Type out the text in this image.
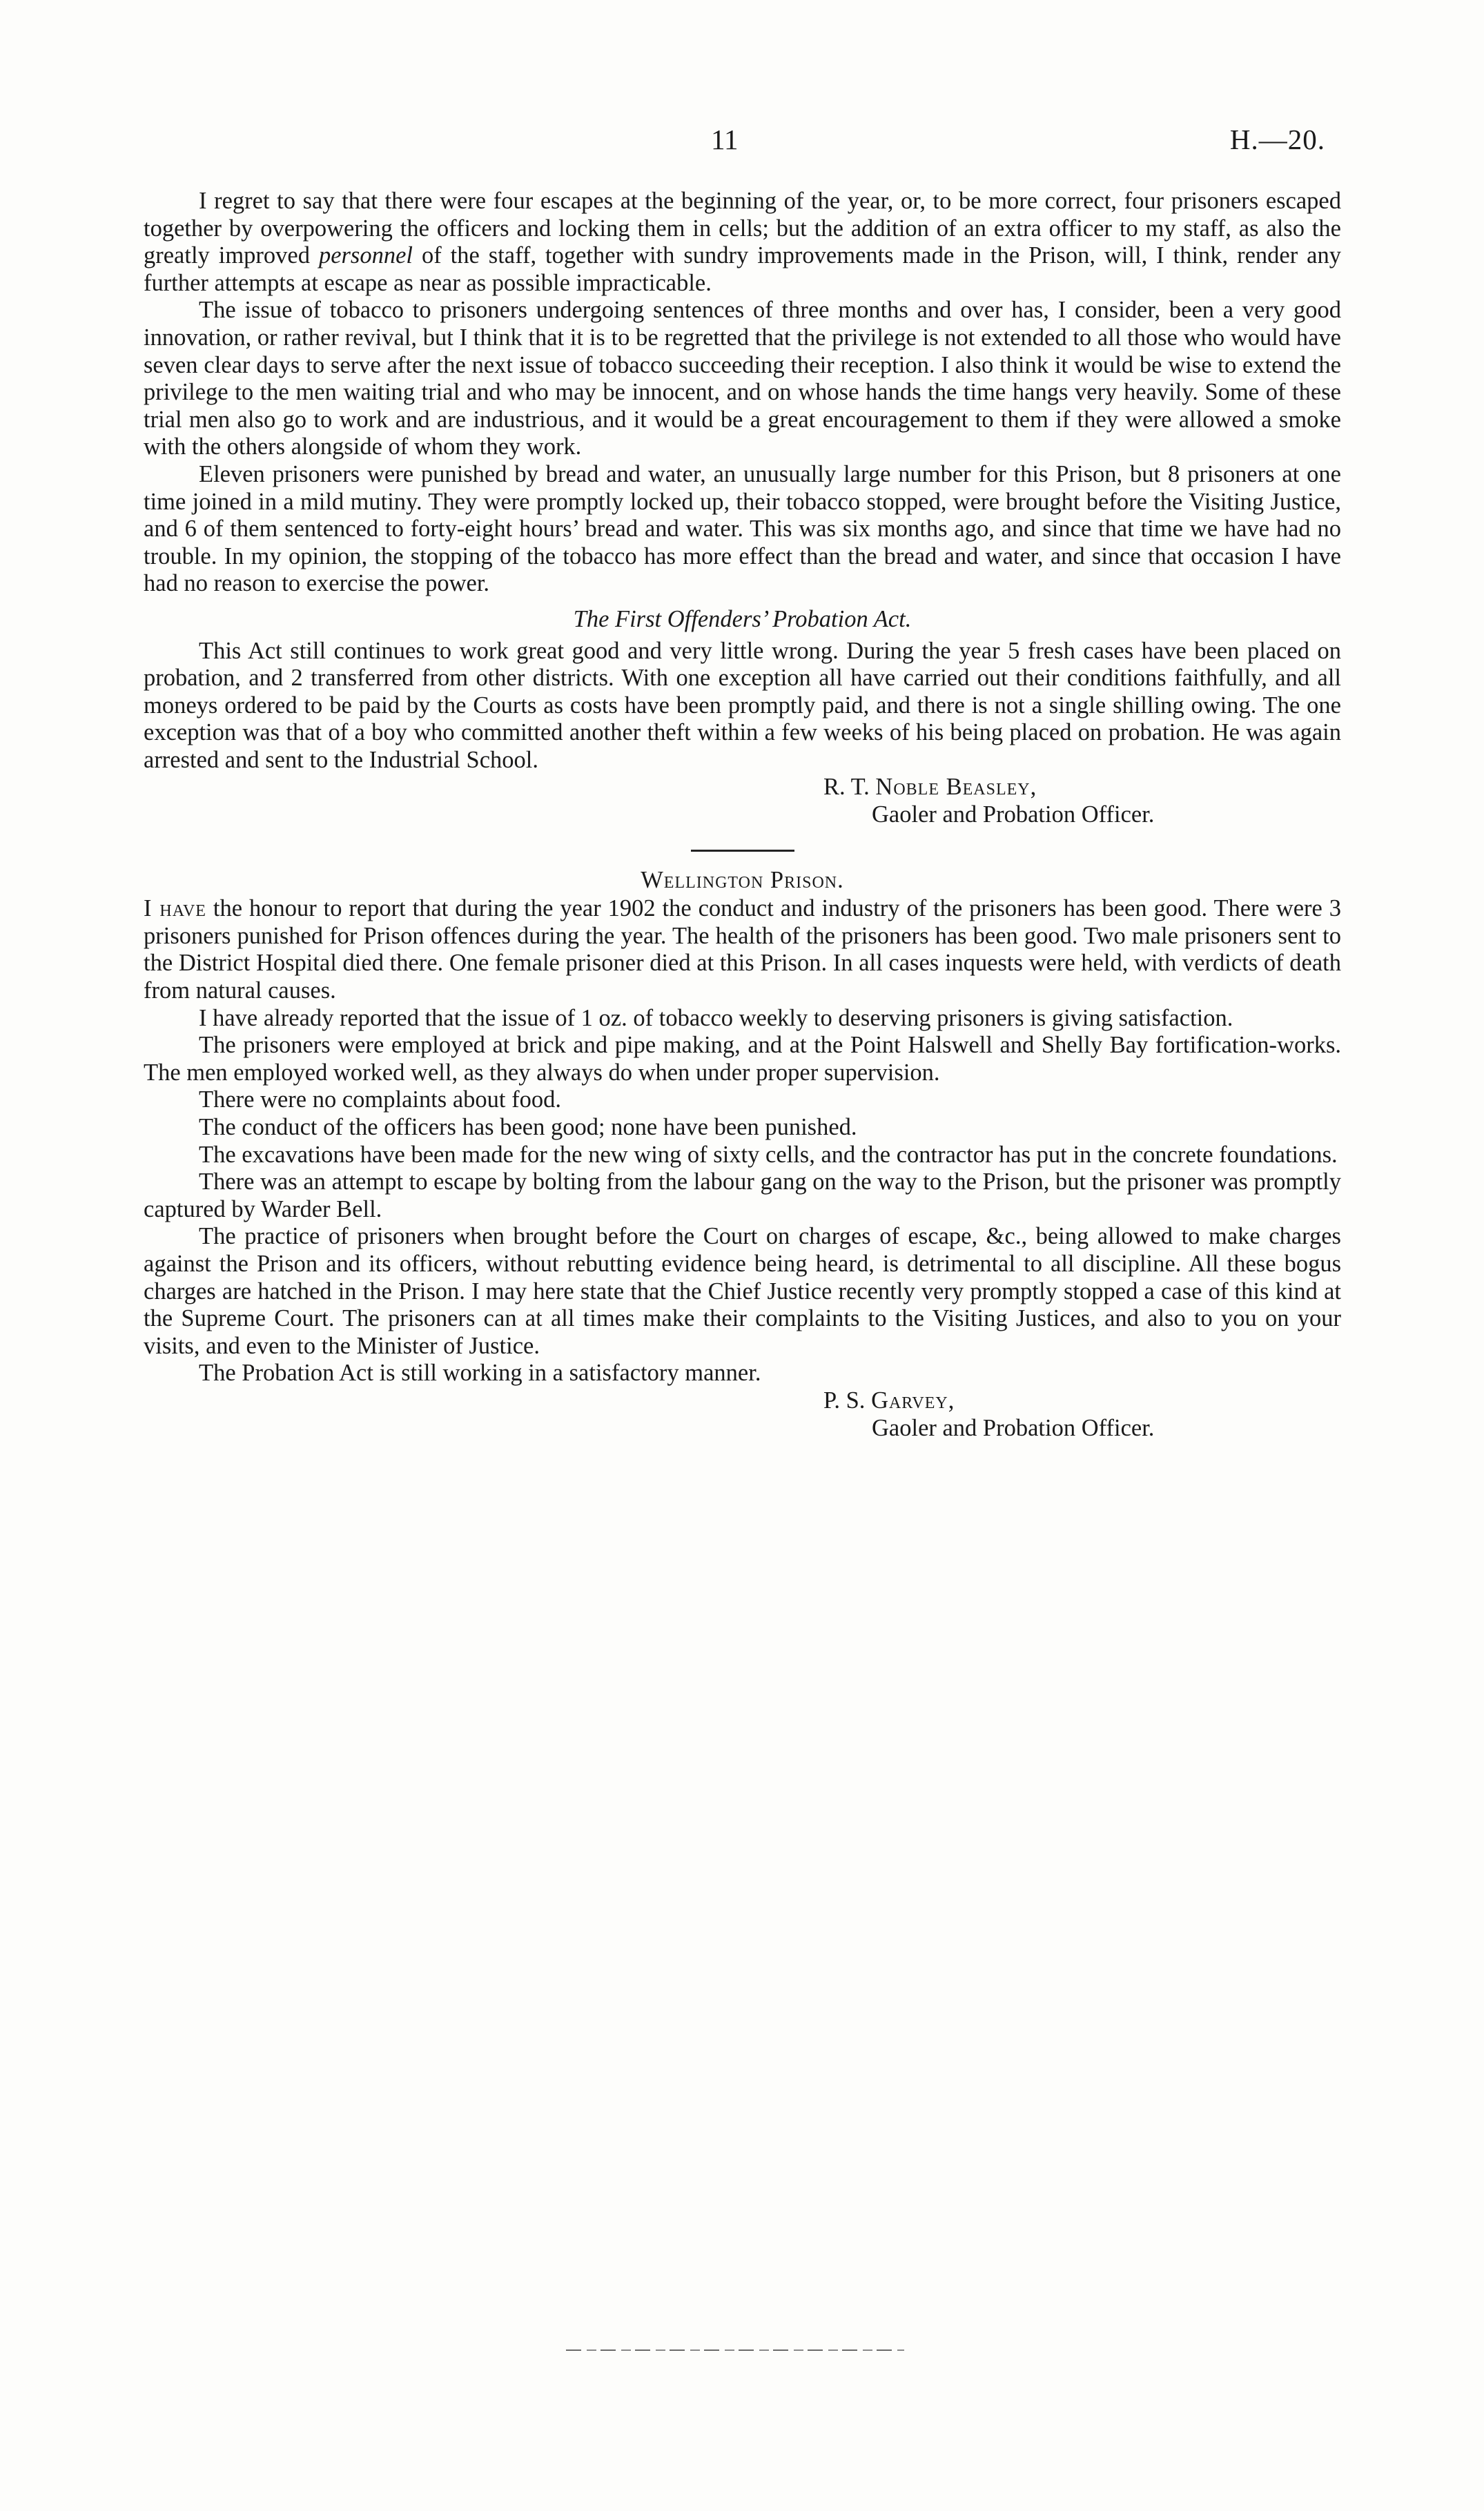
11	H.—20.

I regret to say that there were four escapes at the beginning of the year, or, to be more correct, four prisoners escaped together by overpowering the officers and locking them in cells; but the addition of an extra officer to my staff, as also the greatly improved personnel of the staff, together with sundry improvements made in the Prison, will, I think, render any further attempts at escape as near as possible impracticable.

The issue of tobacco to prisoners undergoing sentences of three months and over has, I consider, been a very good innovation, or rather revival, but I think that it is to be regretted that the privilege is not extended to all those who would have seven clear days to serve after the next issue of tobacco succeeding their reception. I also think it would be wise to extend the privilege to the men waiting trial and who may be innocent, and on whose hands the time hangs very heavily. Some of these trial men also go to work and are industrious, and it would be a great encouragement to them if they were allowed a smoke with the others alongside of whom they work.

Eleven prisoners were punished by bread and water, an unusually large number for this Prison, but 8 prisoners at one time joined in a mild mutiny. They were promptly locked up, their tobacco stopped, were brought before the Visiting Justice, and 6 of them sentenced to forty-eight hours’ bread and water. This was six months ago, and since that time we have had no trouble. In my opinion, the stopping of the tobacco has more effect than the bread and water, and since that occasion I have had no reason to exercise the power.

The First Offenders’ Probation Act.

This Act still continues to work great good and very little wrong. During the year 5 fresh cases have been placed on probation, and 2 transferred from other districts. With one exception all have carried out their conditions faithfully, and all moneys ordered to be paid by the Courts as costs have been promptly paid, and there is not a single shilling owing. The one exception was that of a boy who committed another theft within a few weeks of his being placed on probation. He was again arrested and sent to the Industrial School.

R. T. Noble Beasley,
Gaoler and Probation Officer.
Wellington Prison.

I have the honour to report that during the year 1902 the conduct and industry of the prisoners has been good. There were 3 prisoners punished for Prison offences during the year. The health of the prisoners has been good. Two male prisoners sent to the District Hospital died there. One female prisoner died at this Prison. In all cases inquests were held, with verdicts of death from natural causes.

I have already reported that the issue of 1 oz. of tobacco weekly to deserving prisoners is giving satisfaction.

The prisoners were employed at brick and pipe making, and at the Point Halswell and Shelly Bay fortification-works. The men employed worked well, as they always do when under proper supervision.

There were no complaints about food.

The conduct of the officers has been good; none have been punished.

The excavations have been made for the new wing of sixty cells, and the contractor has put in the concrete foundations.

There was an attempt to escape by bolting from the labour gang on the way to the Prison, but the prisoner was promptly captured by Warder Bell.

The practice of prisoners when brought before the Court on charges of escape, &c., being allowed to make charges against the Prison and its officers, without rebutting evidence being heard, is detrimental to all discipline. All these bogus charges are hatched in the Prison. I may here state that the Chief Justice recently very promptly stopped a case of this kind at the Supreme Court. The prisoners can at all times make their complaints to the Visiting Justices, and also to you on your visits, and even to the Minister of Justice.

The Probation Act is still working in a satisfactory manner.

P. S. Garvey,
Gaoler and Probation Officer.
